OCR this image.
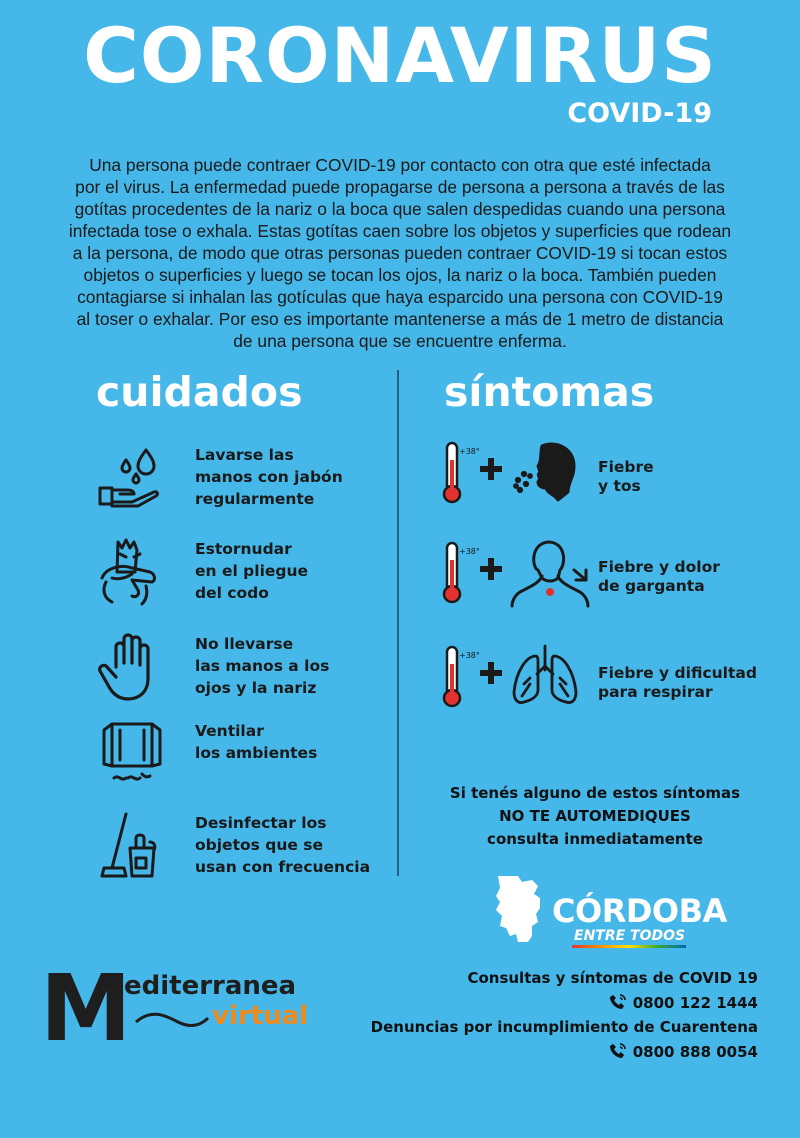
CORONAVIRUS
COVID-19
Una persona puede contraer COVID-19 por contacto con otra que esté infectada
por el virus. La enfermedad puede propagarse de persona a persona a través de las
gotítas procedentes de la nariz o la boca que salen despedidas cuando una persona
infectada tose o exhala. Estas gotítas caen sobre los objetos y superficies que rodean
a la persona, de modo que otras personas pueden contraer COVID-19 si tocan estos
objetos o superficies y luego se tocan los ojos, la nariz o la boca. También pueden
contagiarse si inhalan las gotículas que haya esparcido una persona con COVID-19
al toser o exhalar. Por eso es importante mantenerse a más de 1 metro de distancia
de una persona que se encuentre enferma.
cuidados	síntomas
Lavarse las
manos con jabón
regularmente
Estornudar
en el pliegue
del codo
No llevarse
las manos a los
ojos y la nariz
Ventilar
los ambientes
Desinfectar los
objetos que se
usan con frecuencia
+38°
Fiebre
y tos
+38°
Fiebre y dolor
de garganta
+38°
Fiebre y dificultad
para respirar
Si tenés alguno de estos síntomas
NO TE AUTOMEDIQUES
consulta inmediatamente
CÓRDOBA
ENTRE TODOS
M
editerranea
virtual
Consultas y síntomas de COVID 19
0800 122 1444
Denuncias por incumplimiento de Cuarentena
0800 888 0054
